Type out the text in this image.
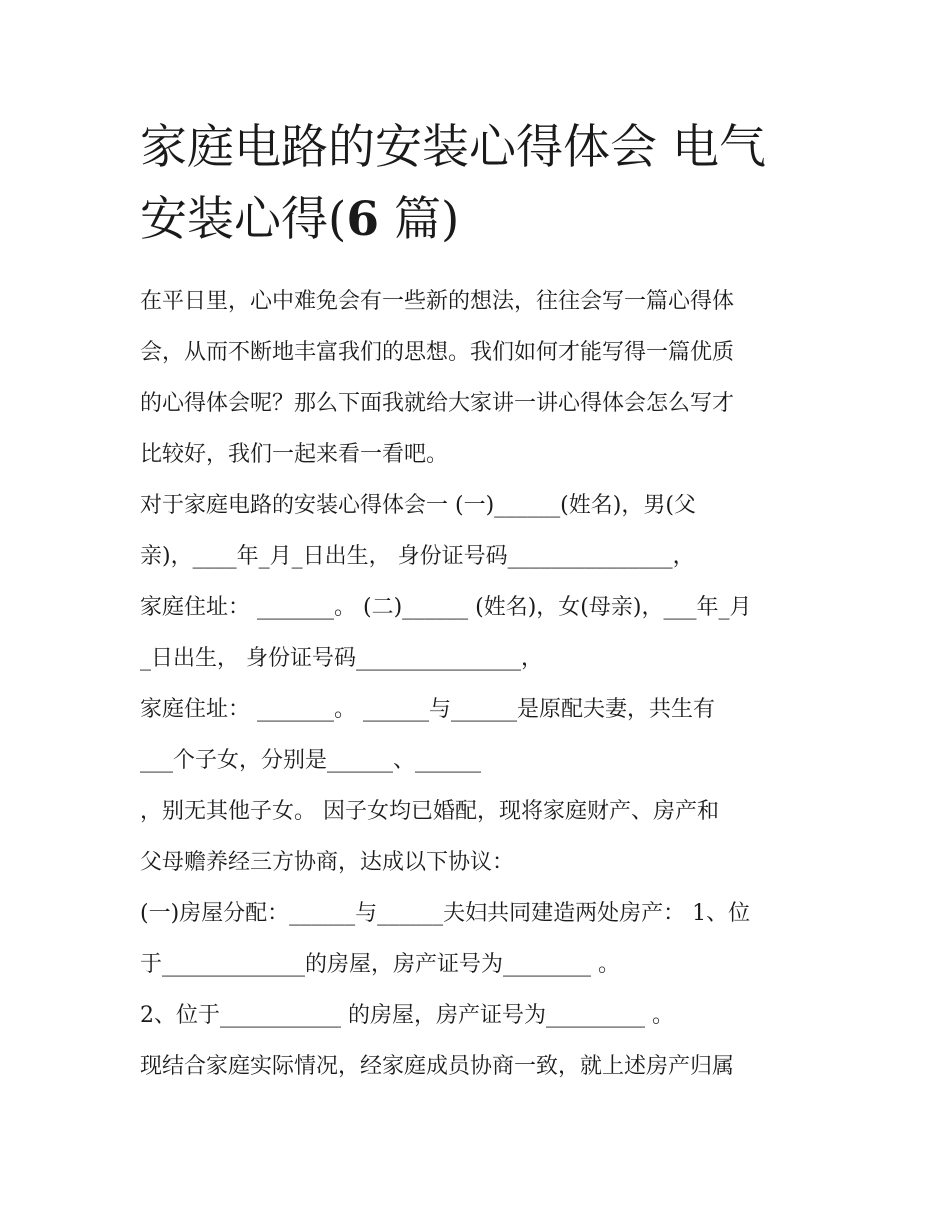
家庭电路的安装心得体会 电气
安装心得(6 篇)
在平日里，心中难免会有一些新的想法，往往会写一篇心得体
会，从而不断地丰富我们的思想。我们如何才能写得一篇优质
的心得体会呢？那么下面我就给大家讲一讲心得体会怎么写才
比较好，我们一起来看一看吧。
对于家庭电路的安装心得体会一 (一)______(姓名)，男(父
亲)，____年_月_日出生， 身份证号码_______________，
家庭住址： _______。 (二)______ (姓名)，女(母亲)，___年_月
_日出生， 身份证号码_______________，
家庭住址： _______。 ______与______是原配夫妻，共生有
___个子女，分别是______、______
，别无其他子女。 因子女均已婚配，现将家庭财产、房产和
父母赡养经三方协商，达成以下协议：
(一)房屋分配：______与______夫妇共同建造两处房产： 1、位
于_____________的房屋，房产证号为________ 。
2、位于___________ 的房屋，房产证号为_________ 。
现结合家庭实际情况，经家庭成员协商一致，就上述房产归属
